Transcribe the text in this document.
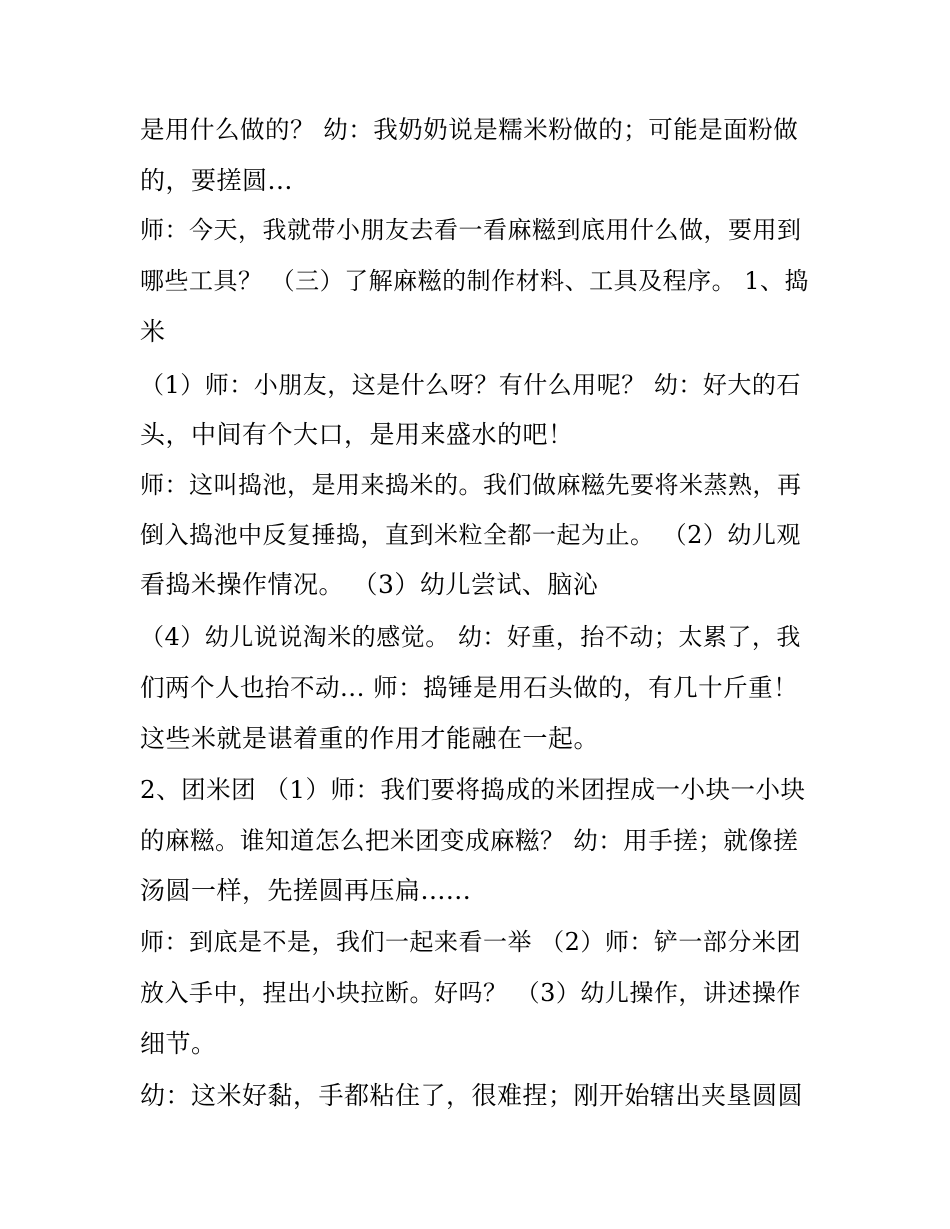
是用什么做的？ 幼：我奶奶说是糯米粉做的；可能是面粉做
的，要搓圆...
师：今天，我就带小朋友去看一看麻糍到底用什么做，要用到
哪些工具？ （三）了解麻糍的制作材料、工具及程序。 1、捣
米
（1）师：小朋友，这是什么呀？有什么用呢？ 幼：好大的石
头，中间有个大口，是用来盛水的吧！
师：这叫捣池，是用来捣米的。我们做麻糍先要将米蒸熟，再
倒入捣池中反复捶捣，直到米粒全都一起为止。 （2）幼儿观
看捣米操作情况。 （3）幼儿尝试、脑沁
（4）幼儿说说淘米的感觉。 幼：好重，抬不动；太累了，我
们两个人也抬不动... 师：捣锤是用石头做的，有几十斤重！
这些米就是谌着重的作用才能融在一起。
2、团米团 （1）师：我们要将捣成的米团捏成一小块一小块
的麻糍。谁知道怎么把米团变成麻糍？ 幼：用手搓；就像搓
汤圆一样，先搓圆再压扁......
师：到底是不是，我们一起来看一举 （2）师：铲一部分米团
放入手中，捏出小块拉断。好吗？ （3）幼儿操作，讲述操作
细节。
幼：这米好黏，手都粘住了，很难捏；刚开始辖出夹垦圆圆
